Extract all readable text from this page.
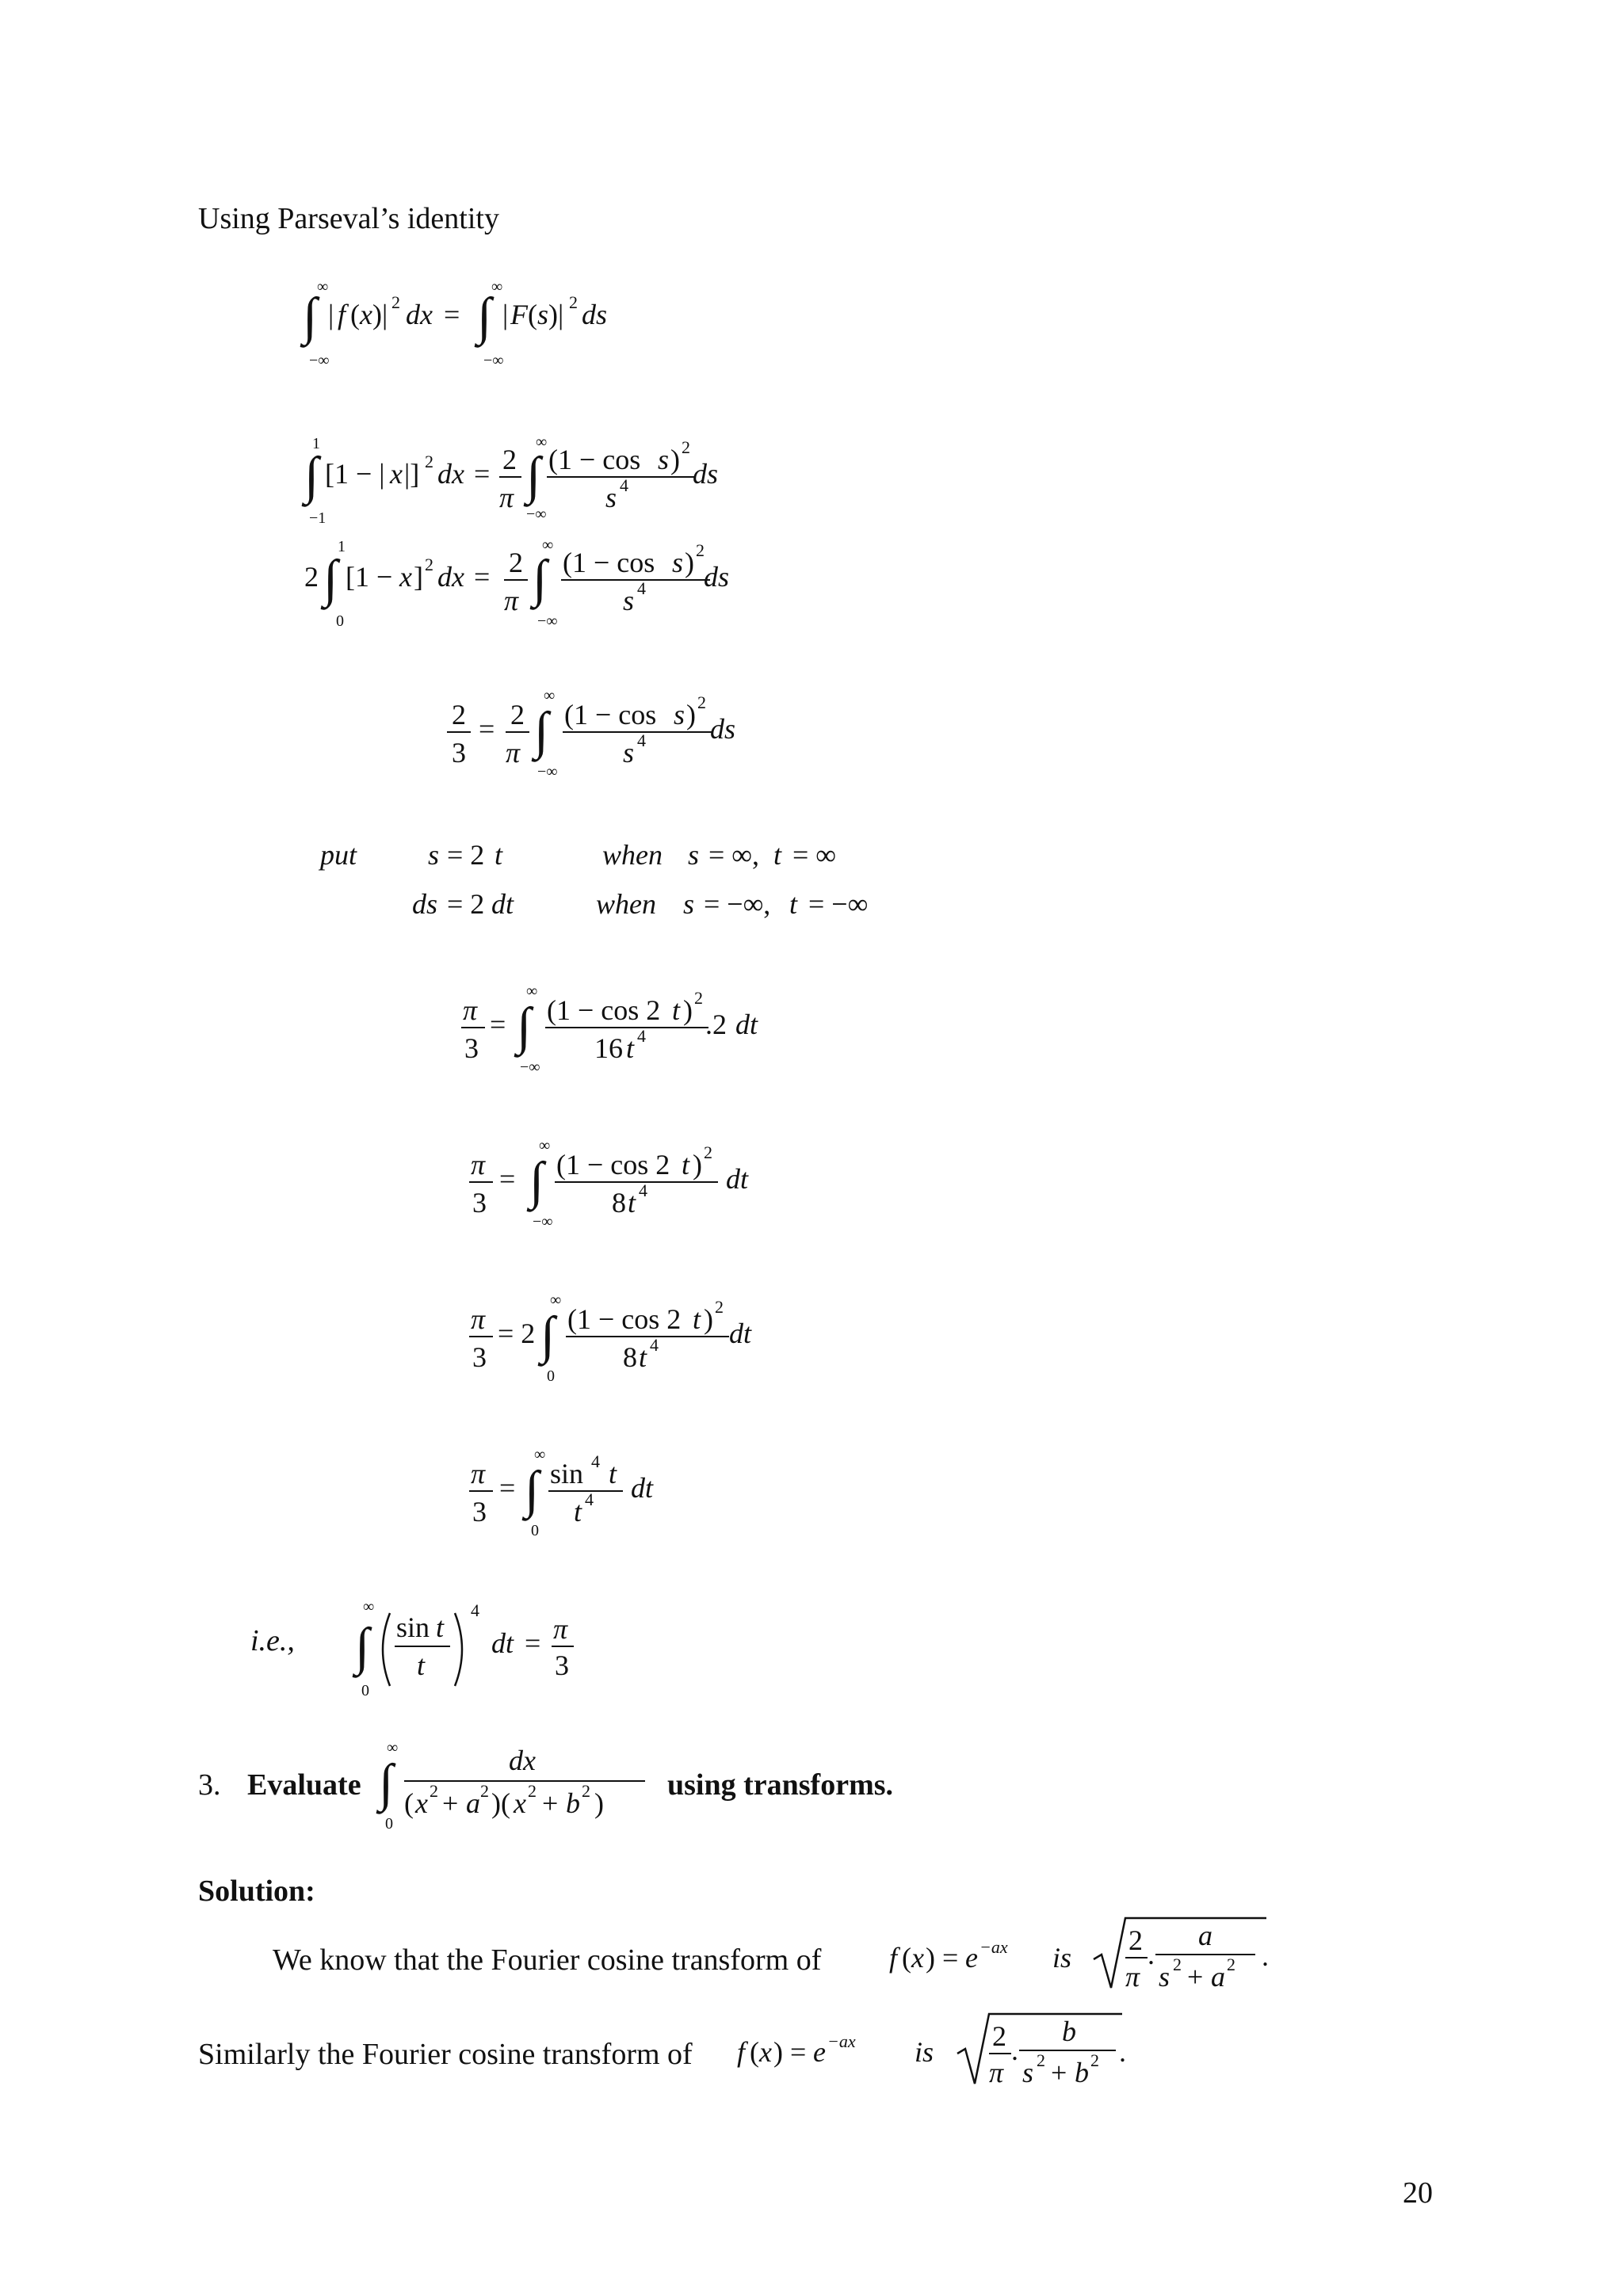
Using Parseval’s identity
∞
∫
−∞
| f ( x )| 2 dx =
∞
∫
−∞
| F ( s )| 2 ds
1
∫
−1
[1 − | x |] 2 dx = 2
π
∞
∫
−∞
(1 − cos s ) 2
s 4 ds
1
2 ∫
0
[1 − x ] 2 dx = 2
π
∞
∫
−∞
(1 − cos s ) 2
s 4 ds
2
3
= 2
π
∞
∫
−∞
(1 − cos s ) 2
s 4 ds
put s = 2 t	when s = ∞, t = ∞
ds = 2 dt	when s = −∞, t = −∞
π
3
=
∞
∫
−∞
(1 − cos 2 t ) 2
16 t 4 .2 dt
π
3
=
∞
∫
−∞
(1 − cos 2 t ) 2
8 t 4	dt
π
3
= 2
∞
∫
0
(1 − cos 2 t ) 2
8 t 4 dt
π
3
=
∞
∫
0
sin 4 t
t 4 dt
i.e.,
∞
∫
0
sin t
t
4
dt = π
3
3. Evaluate
∞
∫
0
dx
( x 2 + a 2 )( x 2 + b 2 )
using transforms.
Solution:
We know that the Fourier cosine transform of f ( x ) = e −ax is
2
π
.
a
s 2 + a 2 .
Similarly the Fourier cosine transform of f ( x ) = e −ax is 2
π
.
b
s 2 + b 2 .
20
